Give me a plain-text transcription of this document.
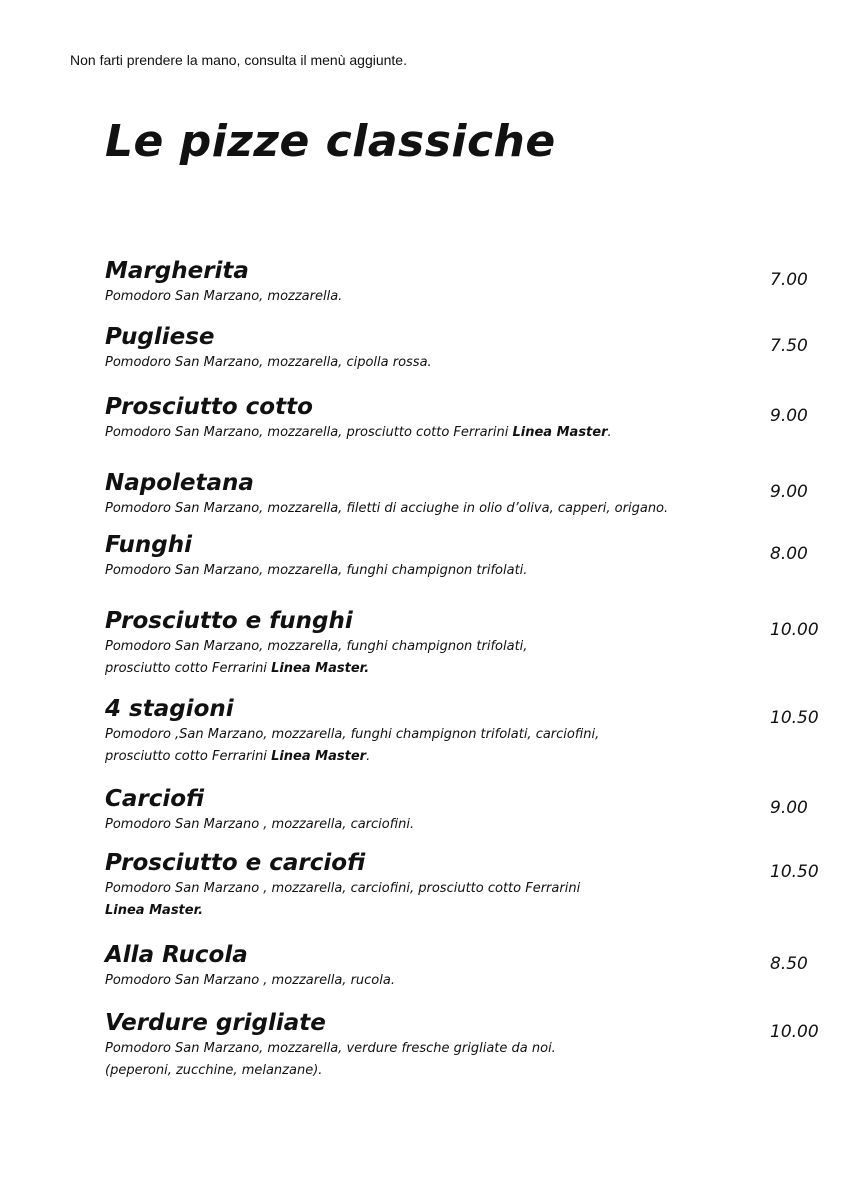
Non farti prendere la mano, consulta il menù aggiunte.
Le pizze classiche
Margherita
Pomodoro San Marzano, mozzarella.
7.00
Pugliese
Pomodoro San Marzano, mozzarella, cipolla rossa.
7.50
Prosciutto cotto
Pomodoro San Marzano, mozzarella, prosciutto cotto Ferrarini Linea Master.
9.00
Napoletana
Pomodoro San Marzano, mozzarella, filetti di acciughe in olio d’oliva, capperi, origano.
9.00
Funghi
Pomodoro San Marzano, mozzarella, funghi champignon trifolati.
8.00
Prosciutto e funghi
Pomodoro San Marzano, mozzarella, funghi champignon trifolati,
prosciutto cotto Ferrarini Linea Master.
10.00
4 stagioni
Pomodoro ,San Marzano, mozzarella, funghi champignon trifolati, carciofini,
prosciutto cotto Ferrarini Linea Master.
10.50
Carciofi
Pomodoro San Marzano , mozzarella, carciofini.
9.00
Prosciutto e carciofi
Pomodoro San Marzano , mozzarella, carciofini, prosciutto cotto Ferrarini
Linea Master.
10.50
Alla Rucola
Pomodoro San Marzano , mozzarella, rucola.
8.50
Verdure grigliate
Pomodoro San Marzano, mozzarella, verdure fresche grigliate da noi.
(peperoni, zucchine, melanzane).
10.00
